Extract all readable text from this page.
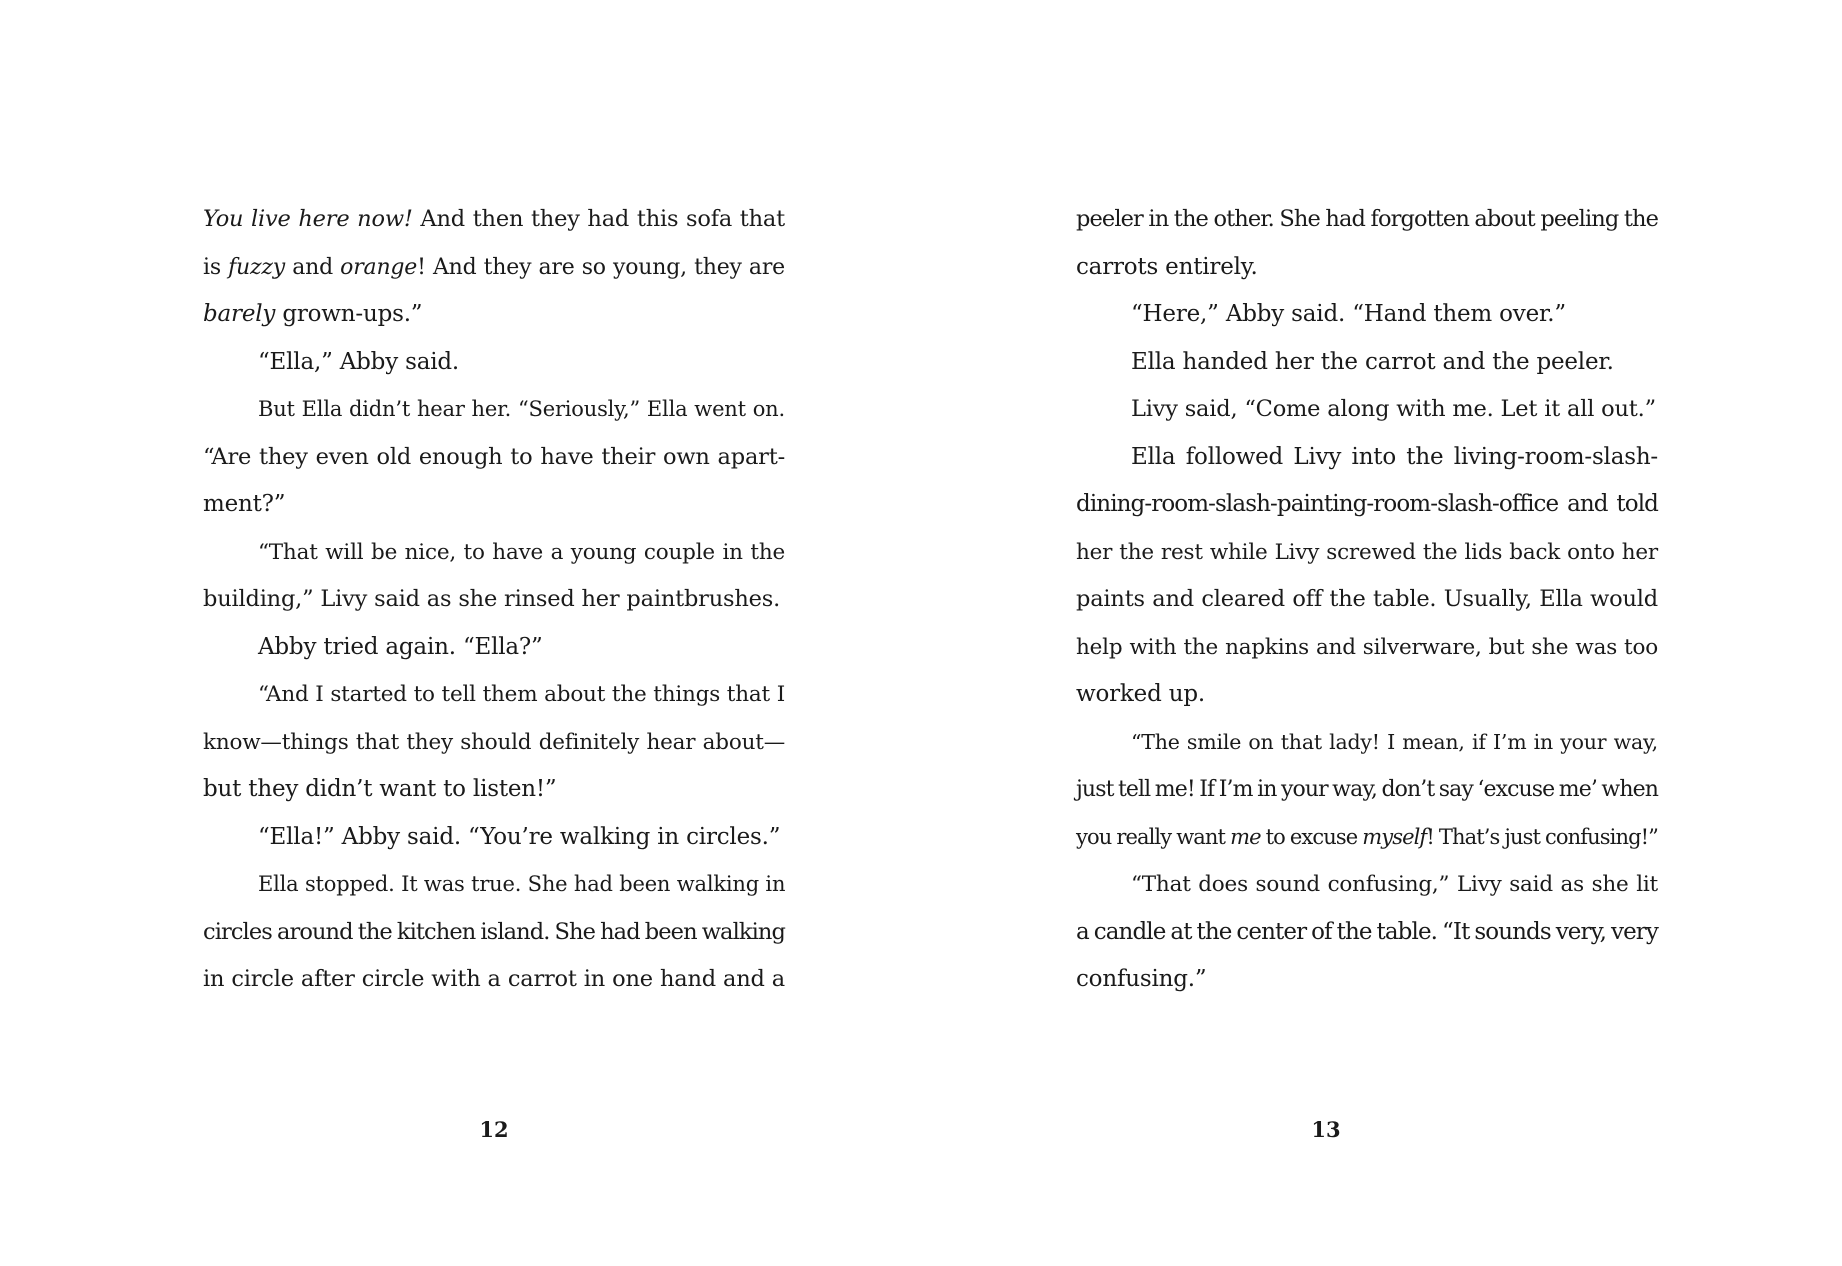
You live here now! And then they had this sofa that
is fuzzy and orange! And they are so young, they are
barely grown-ups.”
“Ella,” Abby said.
But Ella didn’t hear her. “Seriously,” Ella went on.
“Are they even old enough to have their own apart-
ment?”
“That will be nice, to have a young couple in the
building,” Livy said as she rinsed her paintbrushes.
Abby tried again. “Ella?”
“And I started to tell them about the things that I
know—things that they should definitely hear about—
but they didn’t want to listen!”
“Ella!” Abby said. “You’re walking in circles.”
Ella stopped. It was true. She had been walking in
circles around the kitchen island. She had been walking
in circle after circle with a carrot in one hand and a
12
peeler in the other. She had forgotten about peeling the
carrots entirely.
“Here,” Abby said. “Hand them over.”
Ella handed her the carrot and the peeler.
Livy said, “Come along with me. Let it all out.”
Ella followed Livy into the living-room-slash-
dining-room-slash-painting-room-slash-office and told
her the rest while Livy screwed the lids back onto her
paints and cleared off the table. Usually, Ella would
help with the napkins and silverware, but she was too
worked up.
“The smile on that lady! I mean, if I’m in your way,
just tell me! If I’m in your way, don’t say ‘excuse me’ when
you really want me to excuse myself! That’s just confusing!”
“That does sound confusing,” Livy said as she lit
a candle at the center of the table. “It sounds very, very
confusing.”
13
